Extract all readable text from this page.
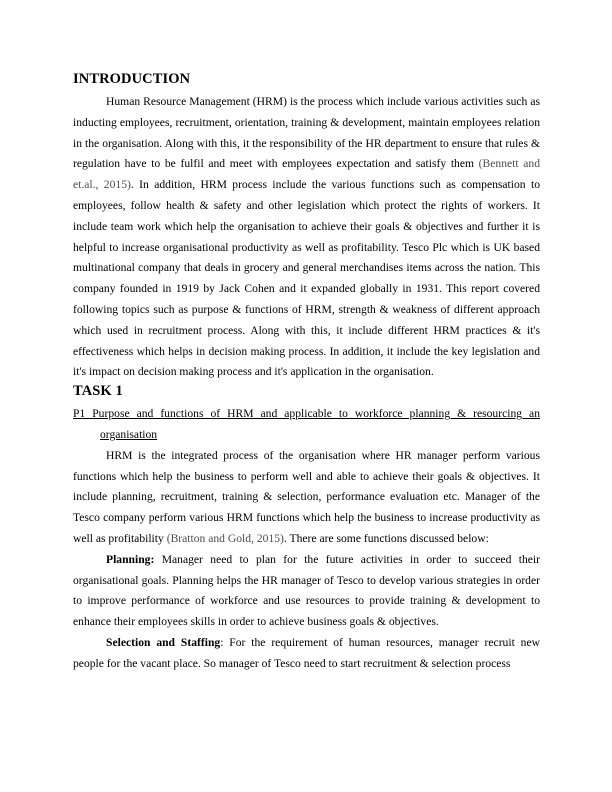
INTRODUCTION

Human Resource Management (HRM) is the process which include various activities such as inducting employees, recruitment, orientation, training & development, maintain employees relation in the organisation. Along with this, it the responsibility of the HR department to ensure that rules & regulation have to be fulfil and meet with employees expectation and satisfy them (Bennett and et.al., 2015). In addition, HRM process include the various functions such as compensation to employees, follow health & safety and other legislation which protect the rights of workers. It include team work which help the organisation to achieve their goals & objectives and further it is helpful to increase organisational productivity as well as profitability. Tesco Plc which is UK based multinational company that deals in grocery and general merchandises items across the nation. This company founded in 1919 by Jack Cohen and it expanded globally in 1931. This report covered following topics such as purpose & functions of HRM, strength & weakness of different approach which used in recruitment process. Along with this, it include different HRM practices & it's effectiveness which helps in decision making process. In addition, it include the key legislation and it's impact on decision making process and it's application in the organisation.

TASK 1
P1 Purpose and functions of HRM and applicable to workforce planning & resourcing an organisation

HRM is the integrated process of the organisation where HR manager perform various functions which help the business to perform well and able to achieve their goals & objectives. It include planning, recruitment, training & selection, performance evaluation etc. Manager of the Tesco company perform various HRM functions which help the business to increase productivity as well as profitability (Bratton and Gold, 2015). There are some functions discussed below:

Planning: Manager need to plan for the future activities in order to succeed their organisational goals. Planning helps the HR manager of Tesco to develop various strategies in order to improve performance of workforce and use resources to provide training & development to enhance their employees skills in order to achieve business goals & objectives.

Selection and Staffing: For the requirement of human resources, manager recruit new people for the vacant place. So manager of Tesco need to start recruitment & selection process
